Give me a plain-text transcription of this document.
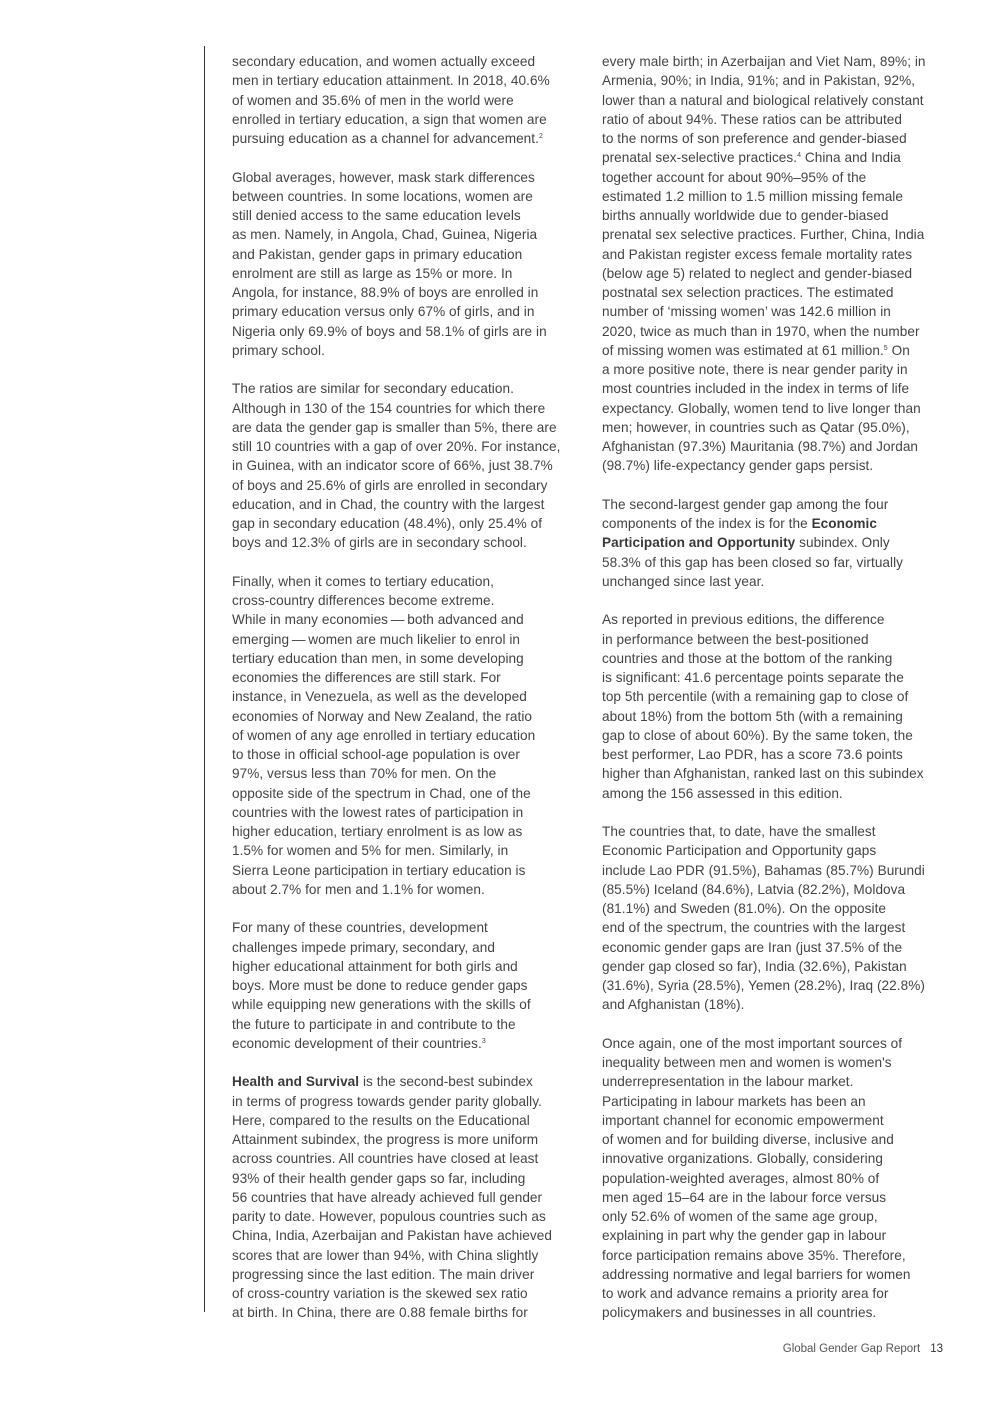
secondary education, and women actually exceed
men in tertiary education attainment. In 2018, 40.6%
of women and 35.6% of men in the world were
enrolled in tertiary education, a sign that women are
pursuing education as a channel for advancement.$^2$

Global averages, however, mask stark differences
between countries. In some locations, women are
still denied access to the same education levels
as men. Namely, in Angola, Chad, Guinea, Nigeria
and Pakistan, gender gaps in primary education
enrolment are still as large as 15% or more. In
Angola, for instance, 88.9% of boys are enrolled in
primary education versus only 67% of girls, and in
Nigeria only 69.9% of boys and 58.1% of girls are in
primary school.

The ratios are similar for secondary education.
Although in 130 of the 154 countries for which there
are data the gender gap is smaller than 5%, there are
still 10 countries with a gap of over 20%. For instance,
in Guinea, with an indicator score of 66%, just 38.7%
of boys and 25.6% of girls are enrolled in secondary
education, and in Chad, the country with the largest
gap in secondary education (48.4%), only 25.4% of
boys and 12.3% of girls are in secondary school.

Finally, when it comes to tertiary education,
cross-country differences become extreme.
While in many economies — both advanced and
emerging — women are much likelier to enrol in
tertiary education than men, in some developing
economies the differences are still stark. For
instance, in Venezuela, as well as the developed
economies of Norway and New Zealand, the ratio
of women of any age enrolled in tertiary education
to those in official school-age population is over
97%, versus less than 70% for men. On the
opposite side of the spectrum in Chad, one of the
countries with the lowest rates of participation in
higher education, tertiary enrolment is as low as
1.5% for women and 5% for men. Similarly, in
Sierra Leone participation in tertiary education is
about 2.7% for men and 1.1% for women.

For many of these countries, development
challenges impede primary, secondary, and
higher educational attainment for both girls and
boys. More must be done to reduce gender gaps
while equipping new generations with the skills of
the future to participate in and contribute to the
economic development of their countries.$^3$

Health and Survival is the second-best subindex
in terms of progress towards gender parity globally.
Here, compared to the results on the Educational
Attainment subindex, the progress is more uniform
across countries. All countries have closed at least
93% of their health gender gaps so far, including
56 countries that have already achieved full gender
parity to date. However, populous countries such as
China, India, Azerbaijan and Pakistan have achieved
scores that are lower than 94%, with China slightly
progressing since the last edition. The main driver
of cross-country variation is the skewed sex ratio
at birth. In China, there are 0.88 female births for

every male birth; in Azerbaijan and Viet Nam, 89%; in
Armenia, 90%; in India, 91%; and in Pakistan, 92%,
lower than a natural and biological relatively constant
ratio of about 94%. These ratios can be attributed
to the norms of son preference and gender-biased
prenatal sex-selective practices.$^4$ China and India
together account for about 90%–95% of the
estimated 1.2 million to 1.5 million missing female
births annually worldwide due to gender-biased
prenatal sex selective practices. Further, China, India
and Pakistan register excess female mortality rates
(below age 5) related to neglect and gender-biased
postnatal sex selection practices. The estimated
number of ‘missing women’ was 142.6 million in
2020, twice as much than in 1970, when the number
of missing women was estimated at 61 million.$^5$ On
a more positive note, there is near gender parity in
most countries included in the index in terms of life
expectancy. Globally, women tend to live longer than
men; however, in countries such as Qatar (95.0%),
Afghanistan (97.3%) Mauritania (98.7%) and Jordan
(98.7%) life-expectancy gender gaps persist.

The second-largest gender gap among the four
components of the index is for the Economic
Participation and Opportunity subindex. Only
58.3% of this gap has been closed so far, virtually
unchanged since last year.

As reported in previous editions, the difference
in performance between the best-positioned
countries and those at the bottom of the ranking
is significant: 41.6 percentage points separate the
top 5th percentile (with a remaining gap to close of
about 18%) from the bottom 5th (with a remaining
gap to close of about 60%). By the same token, the
best performer, Lao PDR, has a score 73.6 points
higher than Afghanistan, ranked last on this subindex
among the 156 assessed in this edition.

The countries that, to date, have the smallest
Economic Participation and Opportunity gaps
include Lao PDR (91.5%), Bahamas (85.7%) Burundi
(85.5%) Iceland (84.6%), Latvia (82.2%), Moldova
(81.1%) and Sweden (81.0%). On the opposite
end of the spectrum, the countries with the largest
economic gender gaps are Iran (just 37.5% of the
gender gap closed so far), India (32.6%), Pakistan
(31.6%), Syria (28.5%), Yemen (28.2%), Iraq (22.8%)
and Afghanistan (18%).

Once again, one of the most important sources of
inequality between men and women is women's
underrepresentation in the labour market.
Participating in labour markets has been an
important channel for economic empowerment
of women and for building diverse, inclusive and
innovative organizations. Globally, considering
population-weighted averages, almost 80% of
men aged 15–64 are in the labour force versus
only 52.6% of women of the same age group,
explaining in part why the gender gap in labour
force participation remains above 35%. Therefore,
addressing normative and legal barriers for women
to work and advance remains a priority area for
policymakers and businesses in all countries.

Global Gender Gap Report 13
